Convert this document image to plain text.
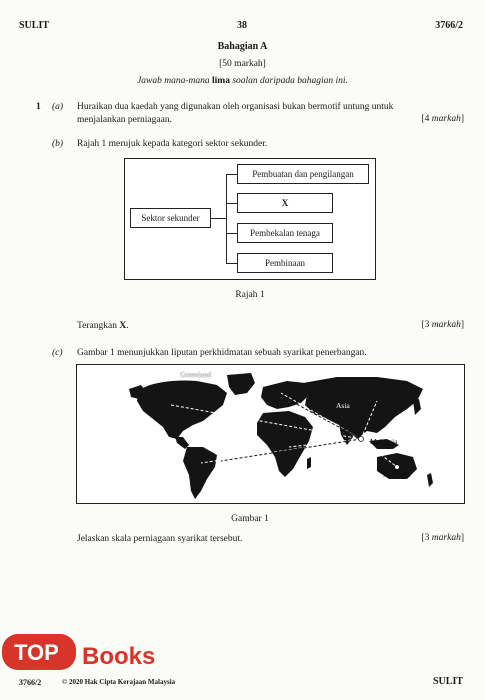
SULIT	38	3766/2
Bahagian A
[50 markah]
Jawab mana-mana lima soalan daripada bahagian ini.
1 (a) Huraikan dua kaedah yang digunakan oleh organisasi bukan bermotif untung untuk
menjalankan perniagaan.	[4 markah]
(b) Rajah 1 merujuk kepada kategori sektor sekunder.
Sektor sekunder
Pembuatan dan pengilangan
X
Pembekalan tenaga
Pembinaan
Rajah 1
Terangkan X.	[3 markah]
(c) Gambar 1 menunjukkan liputan perkhidmatan sebuah syarikat penerbangan.
Greenland
Asia
Malaysia
Australia
Gambar 1
Jelaskan skala perniagaan syarikat tersebut.	[3 markah]
TOP Books
3766/2	© 2020 Hak Cipta Kerajaan Malaysia	SULIT
